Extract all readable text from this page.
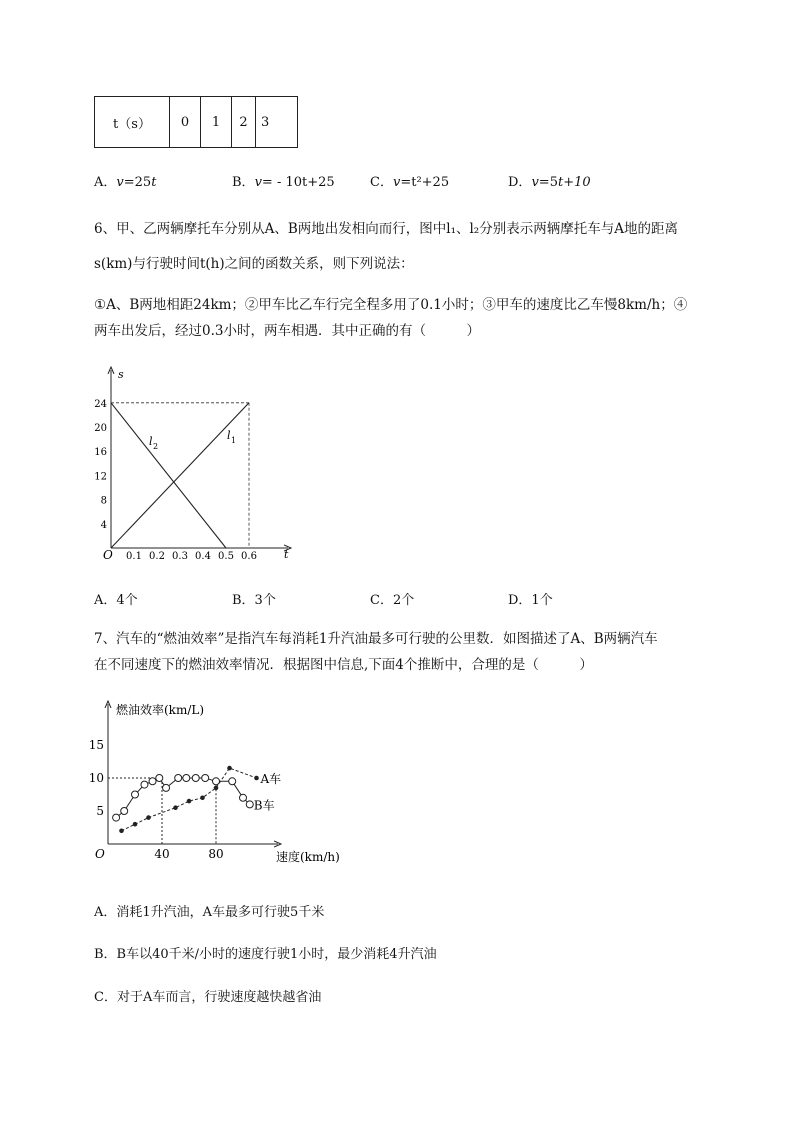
t（s）	0	1	2	3
A．v=25t	B．v= - 10t+25	C．v=t²+25	D．v=5t+10
6、甲、乙两辆摩托车分别从A、B两地出发相向而行，图中l₁、l₂分别表示两辆摩托车与A地的距离
s(km)与行驶时间t(h)之间的函数关系，则下列说法：
①A、B两地相距24km；②甲车比乙车行完全程多用了0.1小时；③甲车的速度比乙车慢8km/h；④
两车出发后，经过0.3小时，两车相遇．其中正确的有（　　　）
s
t
O
4
8
12
16
20
24
0.1 0.2 0.3 0.4 0.5 0.6
l 1
l 2
A．4个	B．3个	C．2个	D．1个
7、汽车的“燃油效率”是指汽车每消耗1升汽油最多可行驶的公里数．如图描述了A、B两辆汽车
在不同速度下的燃油效率情况．根据图中信息,下面4个推断中，合理的是（　　　）
燃油效率(km/L)
速度(km/h)
O
5
10
15
40	80
A车
B车
A．消耗1升汽油，A车最多可行驶5千米
B．B车以40千米/小时的速度行驶1小时，最少消耗4升汽油
C．对于A车而言，行驶速度越快越省油
